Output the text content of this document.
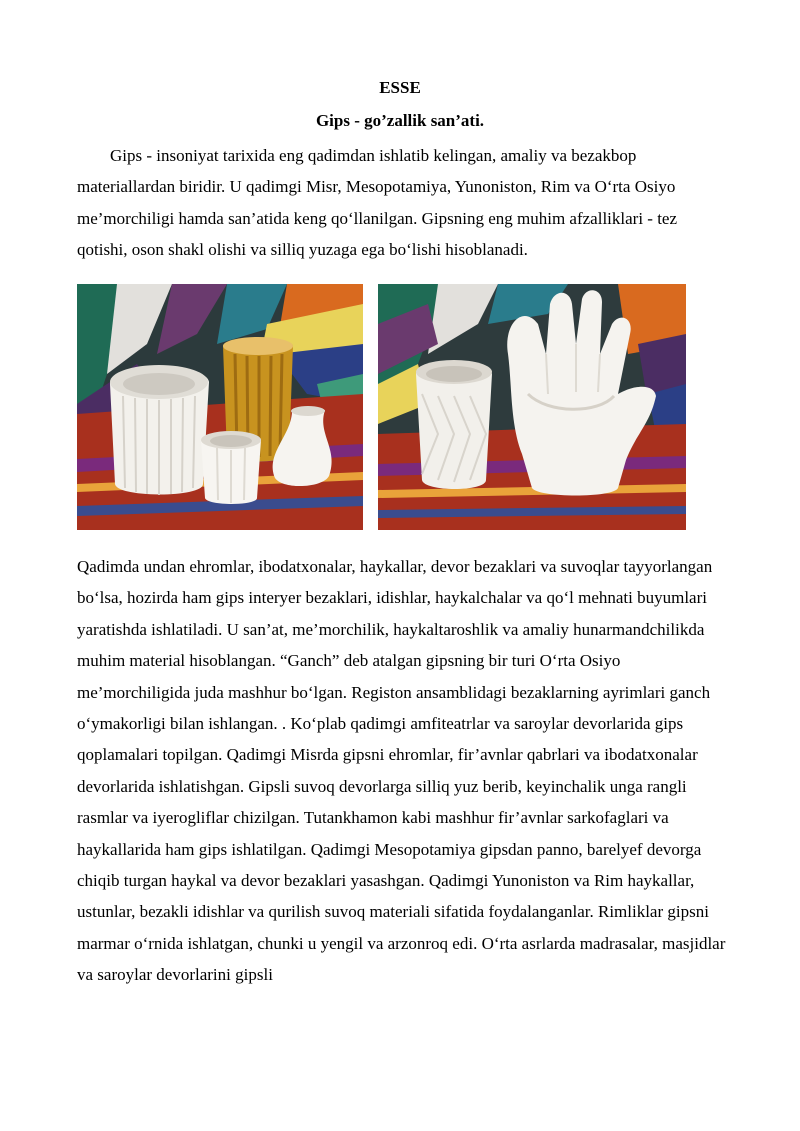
ESSE

Gips - go’zallik san’ati.

Gips - insoniyat tarixida eng qadimdan ishlatib kelingan, amaliy va bezakbop materiallardan biridir. U qadimgi Misr, Mesopotamiya, Yunoniston, Rim va O‘rta Osiyo me’morchiligi hamda san’atida keng qo‘llanilgan. Gipsning eng muhim afzalliklari - tez qotishi, oson shakl olishi va silliq yuzaga ega bo‘lishi hisoblanadi.

Qadimda undan ehromlar, ibodatxonalar, haykallar, devor bezaklari va suvoqlar tayyorlangan bo‘lsa, hozirda ham gips interyer bezaklari, idishlar, haykalchalar va qo‘l mehnati buyumlari yaratishda ishlatiladi. U san’at, me’morchilik, haykaltaroshlik va amaliy hunarmandchilikda muhim material hisoblangan. “Ganch” deb atalgan gipsning bir turi O‘rta Osiyo me’morchiligida juda mashhur bo‘lgan. Registon ansamblidagi bezaklarning ayrimlari ganch o‘ymakorligi bilan ishlangan. . Ko‘plab qadimgi amfiteatrlar va saroylar devorlarida gips qoplamalari topilgan. Qadimgi Misrda gipsni ehromlar, fir’avnlar qabrlari va ibodatxonalar devorlarida ishlatishgan. Gipsli suvoq devorlarga silliq yuz berib, keyinchalik unga rangli rasmlar va iyerogliflar chizilgan. Tutankhamon kabi mashhur fir’avnlar sarkofaglari va haykallarida ham gips ishlatilgan. Qadimgi Mesopotamiya gipsdan panno, barelyef devorga chiqib turgan haykal va devor bezaklari yasashgan. Qadimgi Yunoniston va Rim haykallar, ustunlar, bezakli idishlar va qurilish suvoq materiali sifatida foydalanganlar. Rimliklar gipsni marmar o‘rnida ishlatgan, chunki u yengil va arzonroq edi. O‘rta asrlarda madrasalar, masjidlar va saroylar devorlarini gipsli
